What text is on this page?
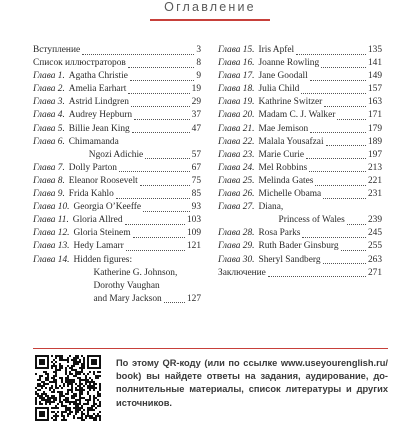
Оглавление
Вступление	3
Список иллюстраторов	8
Глава 1. Agatha Christie	9
Глава 2. Amelia Earhart	19
Глава 3. Astrid Lindgren	29
Глава 4. Audrey Hepburn	37
Глава 5. Billie Jean King	47
Глава 6. Chimamanda
Ngozi Adichie	57
Глава 7. Dolly Parton	67
Глава 8. Eleanor Roosevelt	75
Глава 9. Frida Kahlo	85
Глава 10. Georgia O’Keeffe	93
Глава 11. Gloria Allred	103
Глава 12. Gloria Steinem	109
Глава 13. Hedy Lamarr	121
Глава 14. Hidden figures:
Katherine G. Johnson,
Dorothy Vaughan
and Mary Jackson	127
Глава 15. Iris Apfel	135
Глава 16. Joanne Rowling	141
Глава 17. Jane Goodall	149
Глава 18. Julia Child	157
Глава 19. Kathrine Switzer	163
Глава 20. Madam C. J. Walker	171
Глава 21. Mae Jemison	179
Глава 22. Malala Yousafzai	189
Глава 23. Marie Curie	197
Глава 24. Mel Robbins	213
Глава 25. Melinda Gates	221
Глава 26. Michelle Obama	231
Глава 27. Diana,
Princess of Wales 239
Глава 28. Rosa Parks	245
Глава 29. Ruth Bader Ginsburg	255
Глава 30. Sheryl Sandberg	263
Заключение	271
По этому QR-коду (или по ссылке www.useyourenglish.ru/
book) вы найдете ответы на задания, аудирование, до-
полнительные материалы, список литературы и других
источников.
